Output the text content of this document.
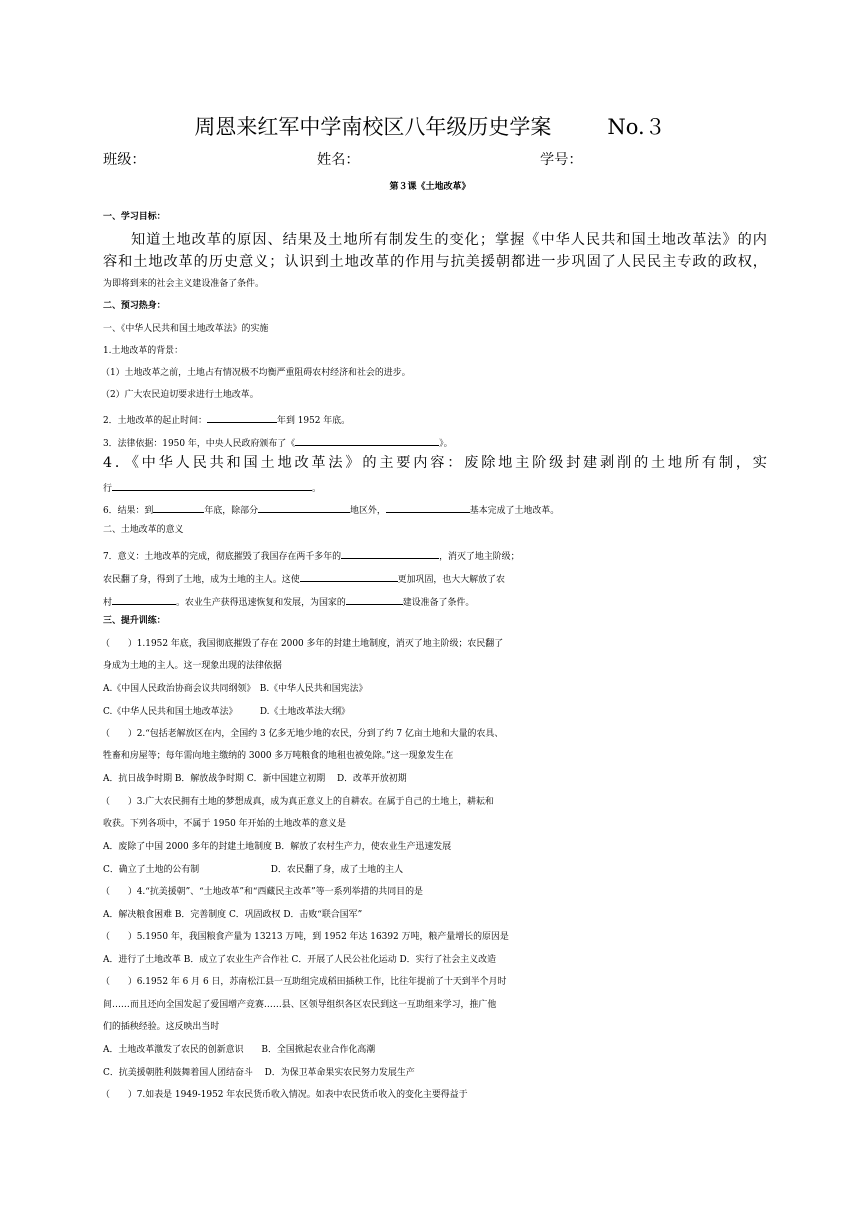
周恩来红军中学南校区八年级历史学案	No.３
班级：	姓名：	学号：
第３课《土地改革》
一、学习目标：
知道土地改革的原因、结果及土地所有制发生的变化；掌握《中华人民共和国土地改革法》的内
容和土地改革的历史意义；认识到土地改革的作用与抗美援朝都进一步巩固了人民民主专政的政权，
为即将到来的社会主义建设准备了条件。
二、预习热身：
一、《中华人民共和国土地改革法》的实施
1.土地改革的背景：
（1）土地改革之前，土地占有情况极不均衡严重阻碍农村经济和社会的进步。
（2）广大农民迫切要求进行土地改革。
2．土地改革的起止时间：	年到 1952 年底。
3．法律依据：1950 年，中央人民政府颁布了《	》。
4．《中华人民共和国土地改革法》的主要内容：废除地主阶级封建剥削的土地所有制，实
行	。
6．结果：到	年底，除部分	地区外，	基本完成了土地改革。
二、土地改革的意义
7．意义：土地改革的完成，彻底摧毁了我国存在两千多年的	，消灭了地主阶级；
农民翻了身，得到了土地，成为土地的主人。这使	更加巩固，也大大解放了农
村	。农业生产获得迅速恢复和发展，为国家的	建设准备了条件。
三、提升训练：
（　　）1.1952 年底，我国彻底摧毁了存在 2000 多年的封建土地制度，消灭了地主阶级；农民翻了
身成为土地的主人。这一现象出现的法律依据
A.《中国人民政治协商会议共同纲领》　B.《中华人民共和国宪法》
C.《中华人民共和国土地改革法》　　　D.《土地改革法大纲》
（　　）2.“包括老解放区在内，全国约 3 亿多无地少地的农民，分到了约 7 亿亩土地和大量的农具、
牲畜和房屋等；每年需向地主缴纳的 3000 多万吨粮食的地租也被免除。”这一现象发生在
A．抗日战争时期 B．解放战争时期 C．新中国建立初期　 D．改革开放初期
（　　）3.广大农民拥有土地的梦想成真，成为真正意义上的自耕农。在属于自己的土地上，耕耘和
收获。下列各项中，不属于 1950 年开始的土地改革的意义是
A．废除了中国 2000 多年的封建土地制度 B．解放了农村生产力，使农业生产迅速发展
C．确立了土地的公有制　　　　　　　　D．农民翻了身，成了土地的主人
（　　）4.“抗美援朝”、“土地改革”和“西藏民主改革”等一系列举措的共同目的是
A．解决粮食困难 B．完善制度 C．巩固政权 D．击败“联合国军”
（　　）5.1950 年，我国粮食产量为 13213 万吨，到 1952 年达 16392 万吨，粮产量增长的原因是
A．进行了土地改革 B．成立了农业生产合作社 C．开展了人民公社化运动 D．实行了社会主义改造
（　　）6.1952 年 6 月 6 日，苏南松江县一互助组完成稻田插秧工作，比往年提前了十天到半个月时
间……而且还向全国发起了爱国增产竞赛……县、区领导组织各区农民到这一互助组来学习，推广他
们的插秧经验。这反映出当时
A．土地改革激发了农民的创新意识　　B．全国掀起农业合作化高潮
C．抗美援朝胜利鼓舞着国人团结奋斗　 D．为保卫革命果实农民努力发展生产
（　　）7.如表是 1949-1952 年农民货币收入情况。如表中农民货币收入的变化主要得益于
